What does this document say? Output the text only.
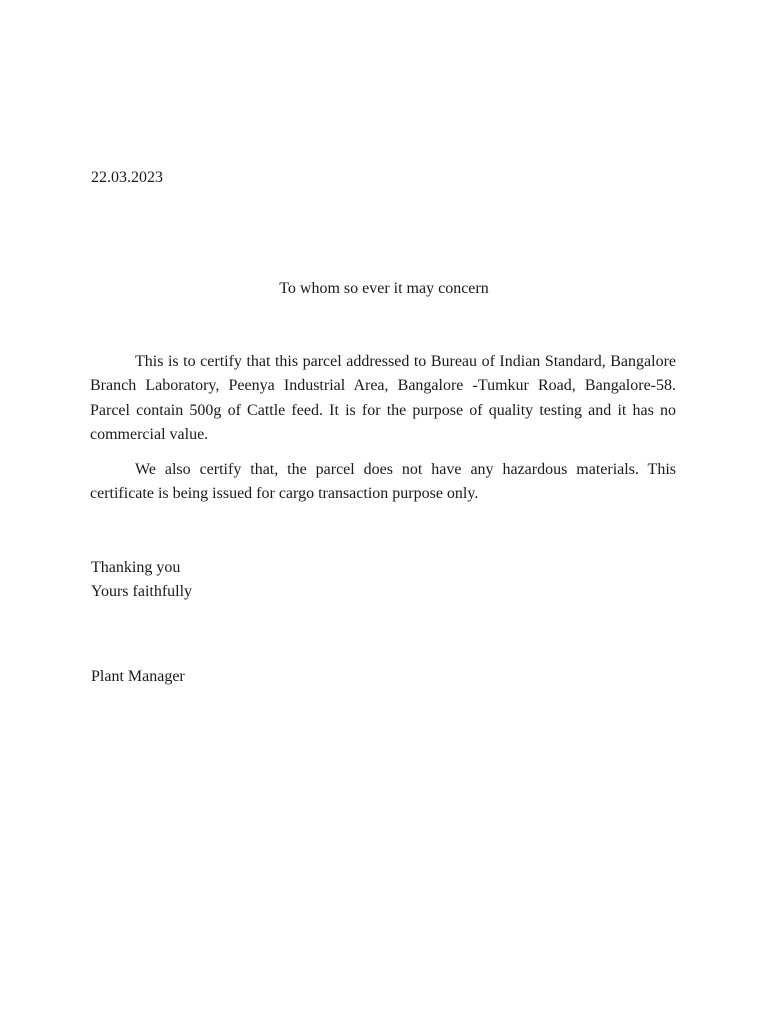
22.03.2023
To whom so ever it may concern

This is to certify that this parcel addressed to Bureau of Indian Standard, Bangalore Branch Laboratory, Peenya Industrial Area, Bangalore -Tumkur Road, Bangalore-58. Parcel contain 500g of Cattle feed. It is for the purpose of quality testing and it has no commercial value.

We also certify that, the parcel does not have any hazardous materials. This certificate is being issued for cargo transaction purpose only.

Thanking you
Yours faithfully
Plant Manager
